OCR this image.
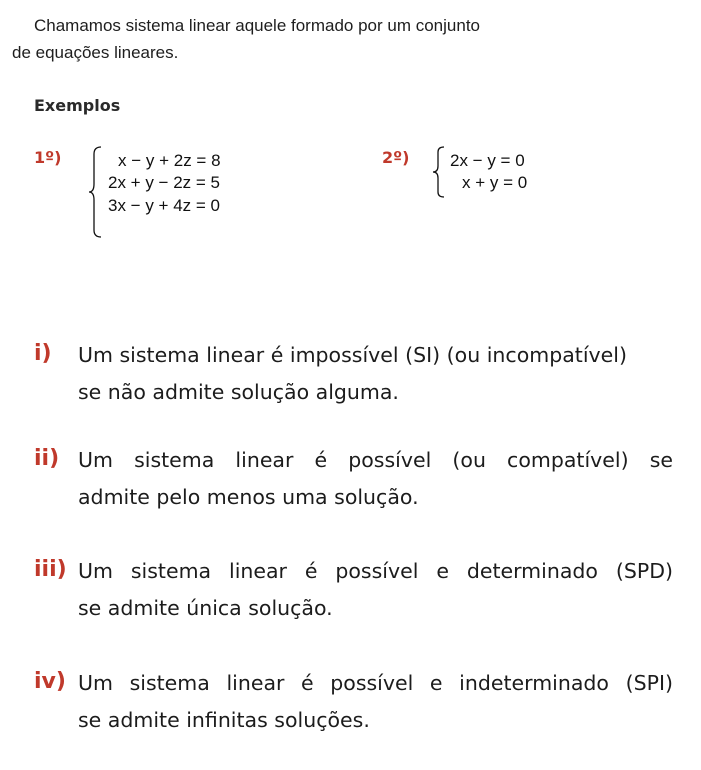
Chamamos sistema linear aquele formado por um conjunto
de equações lineares.
Exemplos
1º)	x − y + 2z = 8
2x + y − 2z = 5
3x − y + 4z = 0
2º) 2x − y = 0
x + y = 0
i) Um sistema linear é impossível (SI) (ou incompatível)
se não admite solução alguma.
ii) Um sistema linear é possível (ou compatível) se
admite pelo menos uma solução.
iii) Um sistema linear é possível e determinado (SPD)
se admite única solução.
iv) Um sistema linear é possível e indeterminado (SPI)
se admite infinitas soluções.
